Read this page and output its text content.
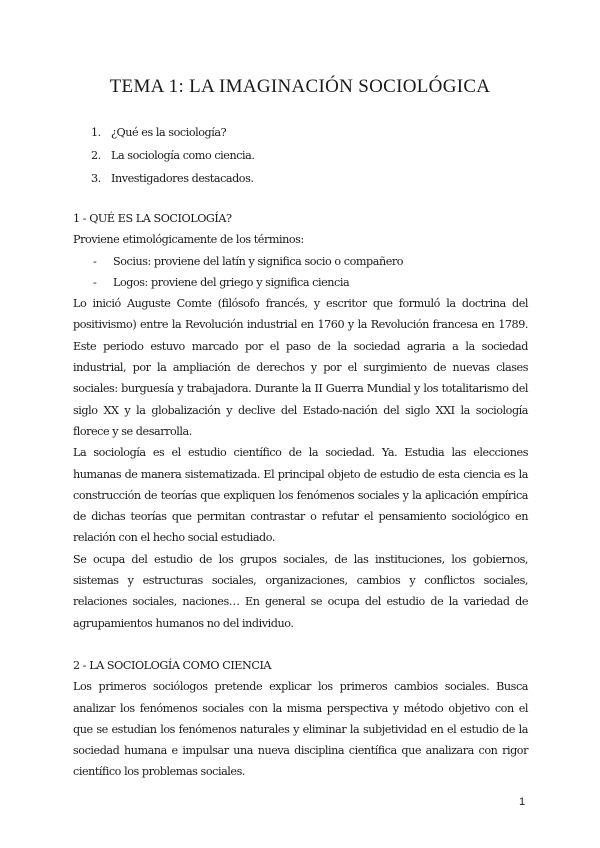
TEMA 1: LA IMAGINACIÓN SOCIOLÓGICA
1. ¿Qué es la sociología?
2. La sociología como ciencia.
3. Investigadores destacados.
1 - QUÉ ES LA SOCIOLOGÍA?

Proviene etimológicamente de los términos:

- Socius: proviene del latín y significa socio o compañero
- Logos: proviene del griego y significa ciencia

Lo inició Auguste Comte (filósofo francés, y escritor que formuló la doctrina del positivismo) entre la Revolución industrial en 1760 y la Revolución francesa en 1789. Este periodo estuvo marcado por el paso de la sociedad agraria a la sociedad industrial, por la ampliación de derechos y por el surgimiento de nuevas clases sociales: burguesía y trabajadora. Durante la II Guerra Mundial y los totalitarismo del siglo XX y la globalización y declive del Estado-nación del siglo XXI la sociología florece y se desarrolla.

La sociología es el estudio científico de la sociedad. Ya. Estudia las elecciones humanas de manera sistematizada. El principal objeto de estudio de esta ciencia es la construcción de teorías que expliquen los fenómenos sociales y la aplicación empírica de dichas teorías que permitan contrastar o refutar el pensamiento sociológico en relación con el hecho social estudiado.

Se ocupa del estudio de los grupos sociales, de las instituciones, los gobiernos, sistemas y estructuras sociales, organizaciones, cambios y conflictos sociales, relaciones sociales, naciones… En general se ocupa del estudio de la variedad de agrupamientos humanos no del individuo.

2 - LA SOCIOLOGÍA COMO CIENCIA

Los primeros sociólogos pretende explicar los primeros cambios sociales. Busca analizar los fenómenos sociales con la misma perspectiva y método objetivo con el que se estudian los fenómenos naturales y eliminar la subjetividad en el estudio de la sociedad humana e impulsar una nueva disciplina científica que analizara con rigor científico los problemas sociales.

1
